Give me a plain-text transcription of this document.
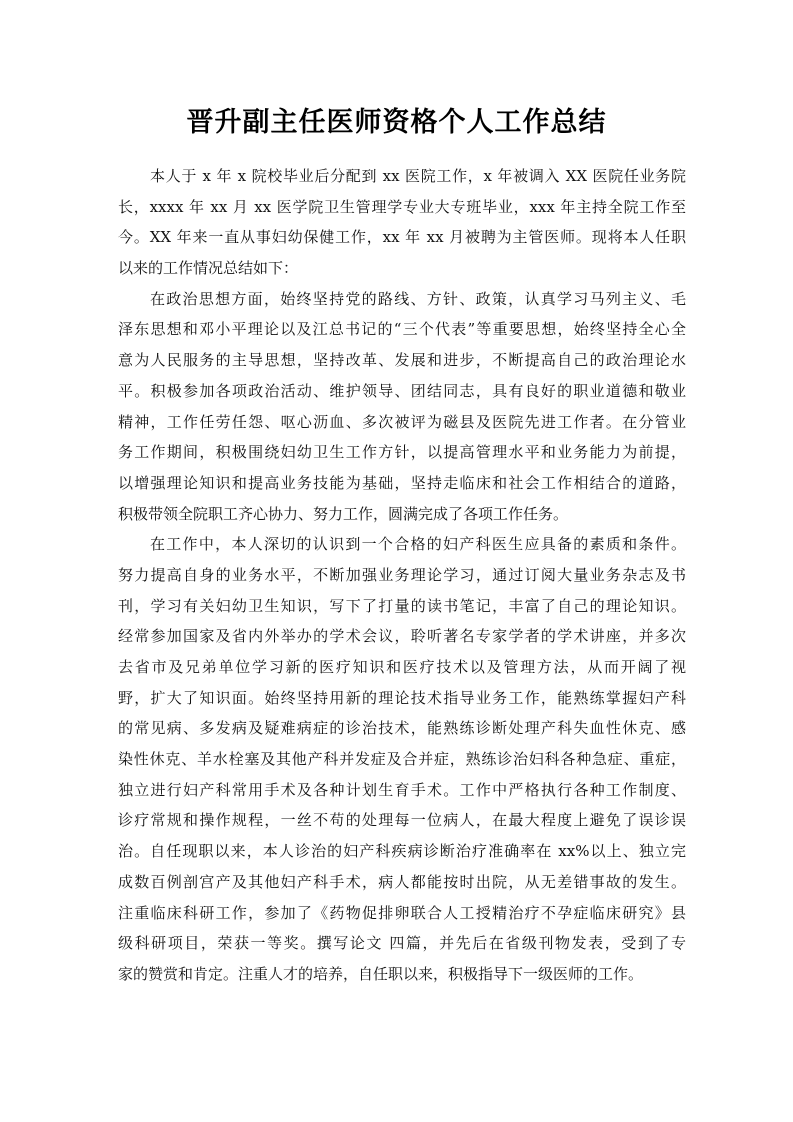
晋升副主任医师资格个人工作总结
本人于 x 年 x 院校毕业后分配到 xx 医院工作，x 年被调入 XX 医院任业务院
长，xxxx 年 xx 月 xx 医学院卫生管理学专业大专班毕业，xxx 年主持全院工作至
今。XX 年来一直从事妇幼保健工作，xx 年 xx 月被聘为主管医师。现将本人任职
以来的工作情况总结如下：
在政治思想方面，始终坚持党的路线、方针、政策，认真学习马列主义、毛
泽东思想和邓小平理论以及江总书记的“三个代表”等重要思想，始终坚持全心全
意为人民服务的主导思想，坚持改革、发展和进步，不断提高自己的政治理论水
平。积极参加各项政治活动、维护领导、团结同志，具有良好的职业道德和敬业
精神，工作任劳任怨、呕心沥血、多次被评为磁县及医院先进工作者。在分管业
务工作期间，积极围绕妇幼卫生工作方针，以提高管理水平和业务能力为前提，
以增强理论知识和提高业务技能为基础，坚持走临床和社会工作相结合的道路，
积极带领全院职工齐心协力、努力工作，圆满完成了各项工作任务。
在工作中，本人深切的认识到一个合格的妇产科医生应具备的素质和条件。
努力提高自身的业务水平，不断加强业务理论学习，通过订阅大量业务杂志及书
刊，学习有关妇幼卫生知识，写下了打量的读书笔记，丰富了自己的理论知识。
经常参加国家及省内外举办的学术会议，聆听著名专家学者的学术讲座，并多次
去省市及兄弟单位学习新的医疗知识和医疗技术以及管理方法，从而开阔了视
野，扩大了知识面。始终坚持用新的理论技术指导业务工作，能熟练掌握妇产科
的常见病、多发病及疑难病症的诊治技术，能熟练诊断处理产科失血性休克、感
染性休克、羊水栓塞及其他产科并发症及合并症，熟练诊治妇科各种急症、重症，
独立进行妇产科常用手术及各种计划生育手术。工作中严格执行各种工作制度、
诊疗常规和操作规程，一丝不苟的处理每一位病人，在最大程度上避免了误诊误
治。自任现职以来，本人诊治的妇产科疾病诊断治疗准确率在 xx%以上、独立完
成数百例剖宫产及其他妇产科手术，病人都能按时出院，从无差错事故的发生。
注重临床科研工作，参加了《药物促排卵联合人工授精治疗不孕症临床研究》县
级科研项目，荣获一等奖。撰写论文 四篇，并先后在省级刊物发表，受到了专
家的赞赏和肯定。注重人才的培养，自任职以来，积极指导下一级医师的工作。
